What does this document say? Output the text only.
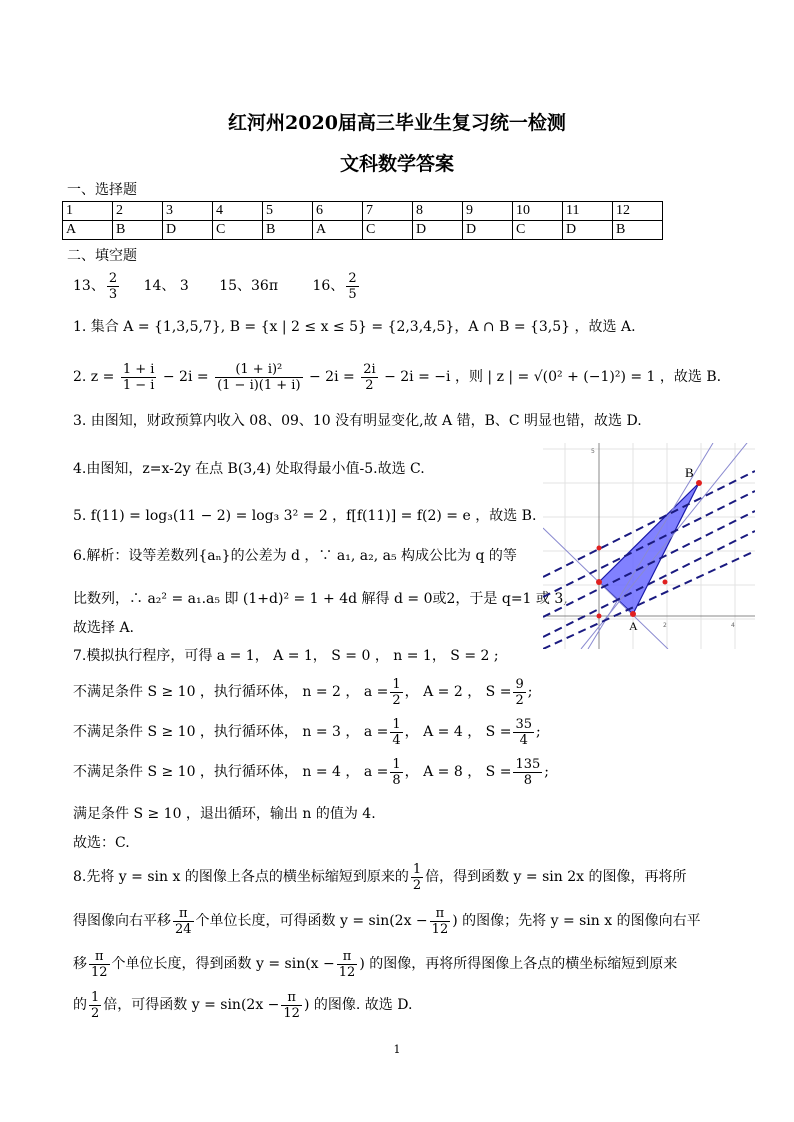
红河州2020届高三毕业生复习统一检测
文科数学答案
一、选择题
1	2	3	4	5	6	7	8	9	10	11	12
A	B	D	C	B	A	C	D	D	C	D	B
二、填空题
13、 $\frac{2}{3} 14$、 3 15、36π 16、 $\frac{2}{5}$
1. 集合 A = {1,3,5,7}, B = {x | 2 ≤ x ≤ 5} = {2,3,4,5}，A ∩ B = {3,5} ，故选 A.
2. $z = \frac{1 + i}{1 - i} - 2i = \frac{\text{(1 + i)²}}{(1 - i)(1 + i)} - 2i = \frac{2i}{2} - 2i = -i$ ，则 | z | = √(0² + (−1)²) = 1 ，故选 B.
3. 由图知，财政预算内收入 08、09、10 没有明显变化,故 A 错，B、C 明显也错，故选 D.
4.由图知，z=x-2y 在点 B(3,4) 处取得最小值-5.故选 C.
5. f(11) = log₃(11 − 2) = log₃ 3² = 2 ，f[f(11)] = f(2) = e ，故选 B.
6.解析：设等差数列{aₙ}的公差为 d ，∵ a₁, a₂, a₅ 构成公比为 q 的等
比数列，∴ a₂² = a₁.a₅ 即 (1+d)² = 1 + 4d 解得 d = 0或2，于是 q=1 或 3,
故选择 A.
7.模拟执行程序，可得 a = 1， A = 1， S = 0 ， n = 1， S = 2 ;
不满足条件 S ≥ 10 ，执行循环体， n = 2 ， $a = \frac{1}{2}$ ， A = 2 ， $S = \frac{9}{2}$ ;
不满足条件 S ≥ 10 ，执行循环体， n = 3 ， $a = \frac{1}{4}$ ， A = 4 ， $S = \frac{35}{4}$ ;
不满足条件 S ≥ 10 ，执行循环体， n = 4 ， $a = \frac{1}{8}$ ， A = 8 ， $S = \frac{135}{8}$ ;
满足条件 S ≥ 10 ，退出循环，输出 n 的值为 4.
故选：C.
8.先将 y = sin x 的图像上各点的横坐标缩短到原来的 $\frac{1}{2}$ 倍，得到函数 y = sin 2x 的图像，再将所
得图像向右平移 $\frac{\pi}{24}$ 个单位长度，可得函数 $y = \sin(2x - \frac{\pi}{12}$ ) 的图像；先将 y = sin x 的图像向右平
移 $\frac{\pi}{12}$ 个单位长度，得到函数 $y = \sin(x - \frac{\pi}{12}$ ) 的图像，再将所得图像上各点的横坐标缩短到原来
的 $\frac{1}{2}$ 倍，可得函数 $y = \sin(2x - \frac{\pi}{12}$ ) 的图像. 故选 D.
B
A	2	4
5
1
